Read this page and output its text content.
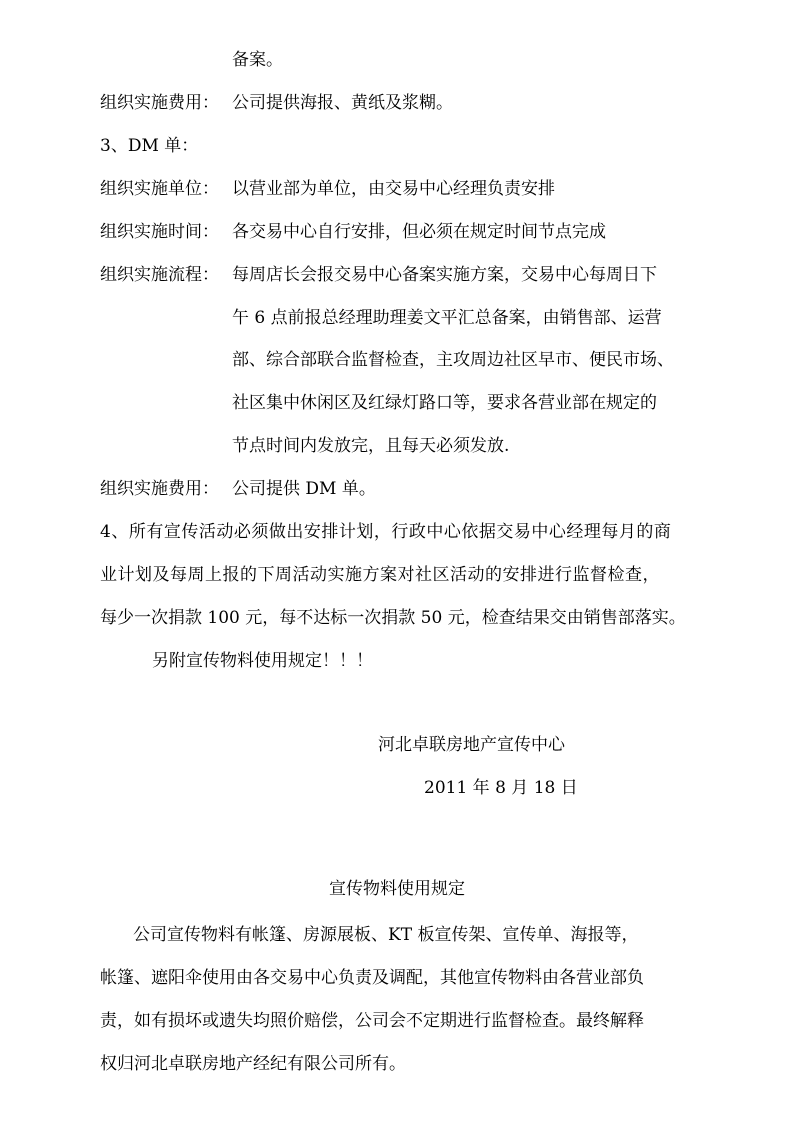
备案。
组织实施费用： 公司提供海报、黄纸及浆糊。
3、DM 单：
组织实施单位： 以营业部为单位，由交易中心经理负责安排
组织实施时间： 各交易中心自行安排，但必须在规定时间节点完成
组织实施流程： 每周店长会报交易中心备案实施方案，交易中心每周日下
午 6 点前报总经理助理姜文平汇总备案，由销售部、运营
部、综合部联合监督检查，主攻周边社区早市、便民市场、
社区集中休闲区及红绿灯路口等，要求各营业部在规定的
节点时间内发放完，且每天必须发放.
组织实施费用： 公司提供 DM 单。
4、所有宣传活动必须做出安排计划，行政中心依据交易中心经理每月的商
业计划及每周上报的下周活动实施方案对社区活动的安排进行监督检查，
每少一次捐款 100 元，每不达标一次捐款 50 元，检查结果交由销售部落实。
另附宣传物料使用规定！！！
河北卓联房地产宣传中心
2011 年 8 月 18 日
宣传物料使用规定
公司宣传物料有帐篷、房源展板、KT 板宣传架、宣传单、海报等，
帐篷、遮阳伞使用由各交易中心负责及调配，其他宣传物料由各营业部负
责，如有损坏或遗失均照价赔偿，公司会不定期进行监督检查。最终解释
权归河北卓联房地产经纪有限公司所有。
